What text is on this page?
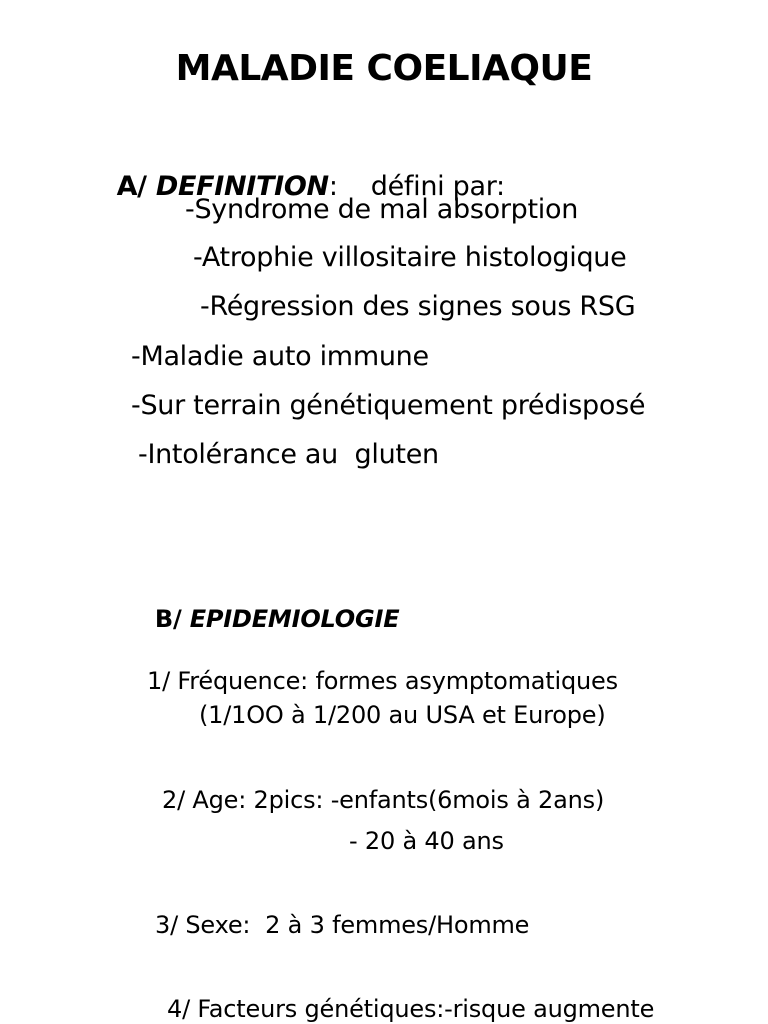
MALADIE COELIAQUE

A/ DEFINITION:    défini par:

-Syndrome de mal absorption
-Atrophie villositaire histologique
-Régression des signes sous RSG
-Maladie auto immune
-Sur terrain génétiquement prédisposé
-Intolérance au  gluten

B/ EPIDEMIOLOGIE

1/ Fréquence: formes asymptomatiques
(1/1OO à 1/200 au USA et Europe)
2/ Age: 2pics: -enfants(6mois à 2ans)
- 20 à 40 ans
3/ Sexe:  2 à 3 femmes/Homme
4/ Facteurs génétiques:-risque augmente
